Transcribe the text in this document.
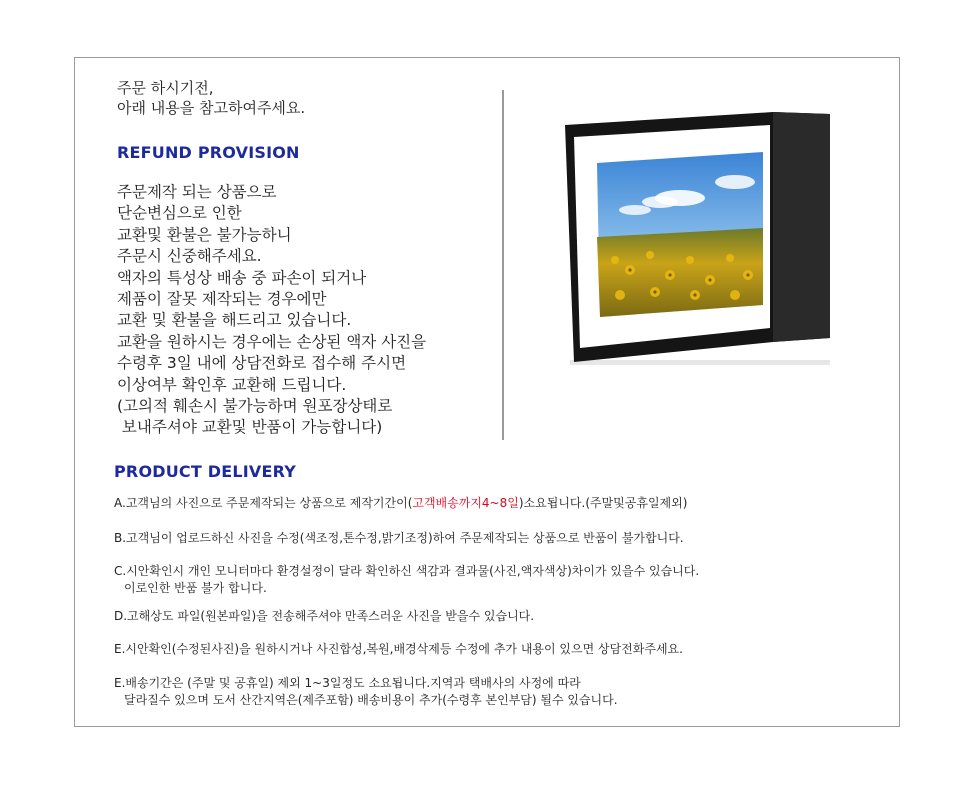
주문 하시기전,
아래 내용을 참고하여주세요.
REFUND PROVISION
주문제작 되는 상품으로
단순변심으로 인한
교환및 환불은 불가능하니
주문시 신중해주세요.
액자의 특성상 배송 중 파손이 되거나
제품이 잘못 제작되는 경우에만
교환 및 환불을 해드리고 있습니다.
교환을 원하시는 경우에는 손상된 액자 사진을
수령후 3일 내에 상담전화로 접수해 주시면
이상여부 확인후 교환해 드립니다.
(고의적 훼손시 불가능하며 원포장상태로
보내주셔야 교환및 반품이 가능합니다)
PRODUCT DELIVERY
A.고객님의 사진으로 주문제작되는 상품으로 제작기간이(고객배송까지4~8일)소요됩니다.(주말및공휴일제외)
B.고객님이 업로드하신 사진을 수정(색조정,톤수정,밝기조정)하여 주문제작되는 상품으로 반품이 불가합니다.
C.시안확인시 개인 모니터마다 환경설정이 달라 확인하신 색감과 결과물(사진,액자색상)차이가 있을수 있습니다.
이로인한 반품 불가 합니다.
D.고해상도 파일(원본파일)을 전송해주셔야 만족스러운 사진을 받을수 있습니다.
E.시안확인(수정된사진)을 원하시거나 사진합성,복원,배경삭제등 수정에 추가 내용이 있으면 상담전화주세요.
E.배송기간은 (주말 및 공휴일) 제외 1~3일정도 소요됩니다.지역과 택배사의 사정에 따라
달라질수 있으며 도서 산간지역은(제주포함) 배송비용이 추가(수령후 본인부담) 될수 있습니다.
